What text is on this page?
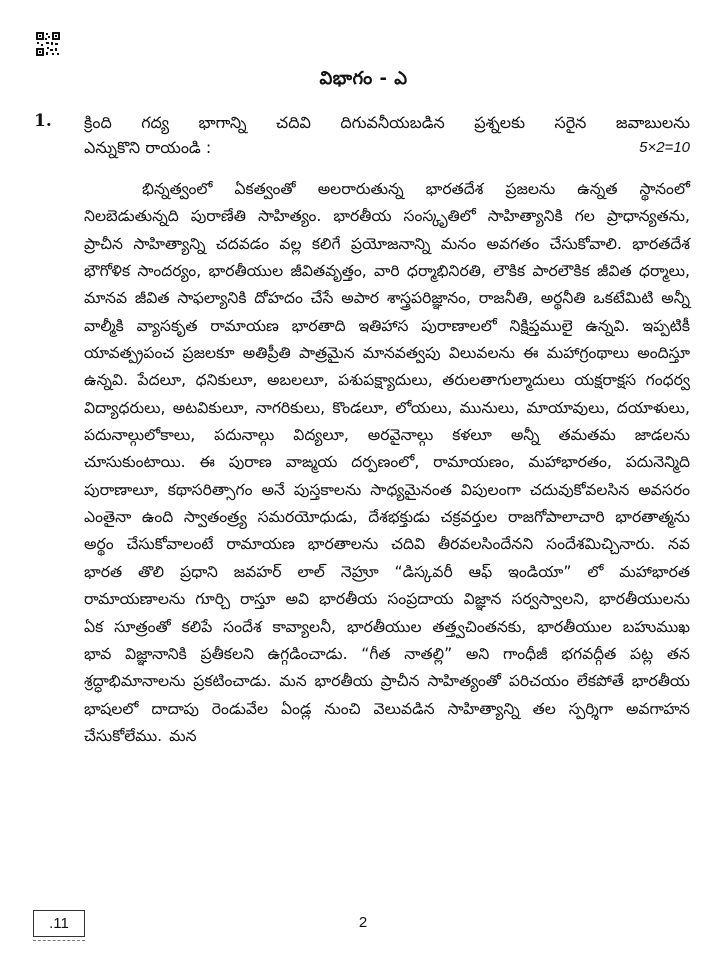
విభాగం - ఎ
1. క్రింది గద్య భాగాన్ని చదివి దిగువనీయబడిన ప్రశ్నలకు సరైన జవాబులను
ఎన్నుకొని రాయండి :	5×2=10

భిన్నత్వంలో ఏకత్వంతో అలరారుతున్న భారతదేశ ప్రజలను ఉన్నత స్థానంలో నిలబెడుతున్నది పురాణేతి సాహిత్యం. భారతీయ సంస్కృతిలో సాహిత్యానికి గల ప్రాధాన్యతను, ప్రాచీన సాహిత్యాన్ని చదవడం వల్ల కలిగే ప్రయోజనాన్ని మనం అవగతం చేసుకోవాలి. భారతదేశ భౌగోళిక సాందర్యం, భారతీయుల జీవితవృత్తం, వారి ధర్మాభినిరతి, లౌకిక పారలౌకిక జీవిత ధర్మాలు, మానవ జీవిత సాఫల్యానికి దోహదం చేసే అపార శాస్త్రపరిజ్ఞానం, రాజనీతి, అర్థనీతి ఒకటేమిటి అన్నీ వాల్మీకి వ్యాసకృత రామాయణ భారతాది ఇతిహాస పురాణాలలో నిక్షిప్తములై ఉన్నవి. ఇప్పటికీ యావత్ప్రపంచ ప్రజలకూ అతిప్రీతి పాత్రమైన మానవత్వపు విలువలను ఈ మహాగ్రంథాలు అందిస్తూ ఉన్నవి. పేదలూ, ధనికులూ, అబలలూ, పశుపక్ష్యాదులు, తరులతాగుల్మాదులు యక్షరాక్షస గంధర్వ విద్యాధరులు, అటవికులూ, నాగరికులు, కొండలూ, లోయలు, మునులు, మాయావులు, దయాళులు, పదునాల్గులోకాలు, పదునాల్గు విద్యలూ, అరవైనాల్గు కళలూ అన్నీ తమతమ జాడలను చూసుకుంటాయి. ఈ పురాణ వాఙ్మయ దర్పణంలో, రామాయణం, మహాభారతం, పదునెన్మిది పురాణాలూ, కథాసరిత్సాగం అనే పుస్తకాలను సాధ్యమైనంత విపులంగా చదువుకోవలసిన అవసరం ఎంతైనా ఉంది స్వాతంత్ర్య సమరయోధుడు, దేశభక్తుడు చక్రవర్తుల రాజగోపాలాచారి భారతాత్మను అర్థం చేసుకోవాలంటే రామాయణ భారతాలను చదివి తీరవలసిందేనని సందేశమిచ్చినారు. నవ భారత తొలి ప్రధాని జవహర్ లాల్ నెహ్రూ “డిస్కవరీ ఆఫ్ ఇండియా” లో మహాభారత రామాయణాలను గూర్చి రాస్తూ అవి భారతీయ సంప్రదాయ విజ్ఞాన సర్వస్వాలని, భారతీయులను ఏక సూత్రంతో కలిపే సందేశ కావ్యాలనీ, భారతీయుల తత్త్వచింతనకు, భారతీయుల బహుముఖ భావ విజ్ఞానానికి ప్రతీకలని ఉగ్గడించాడు. “గీత నాతల్లి” అని గాంధీజీ భగవద్గీత పట్ల తన శ్రద్ధాభిమానాలను ప్రకటించాడు. మన భారతీయ ప్రాచీన సాహిత్యంతో పరిచయం లేకపోతే భారతీయ భాషలలో దాదాపు రెండువేల ఏండ్ల నుంచి వెలువడిన సాహిత్యాన్ని తల స్పర్శిగా అవగాహన చేసుకోలేము. మన

.11	2
